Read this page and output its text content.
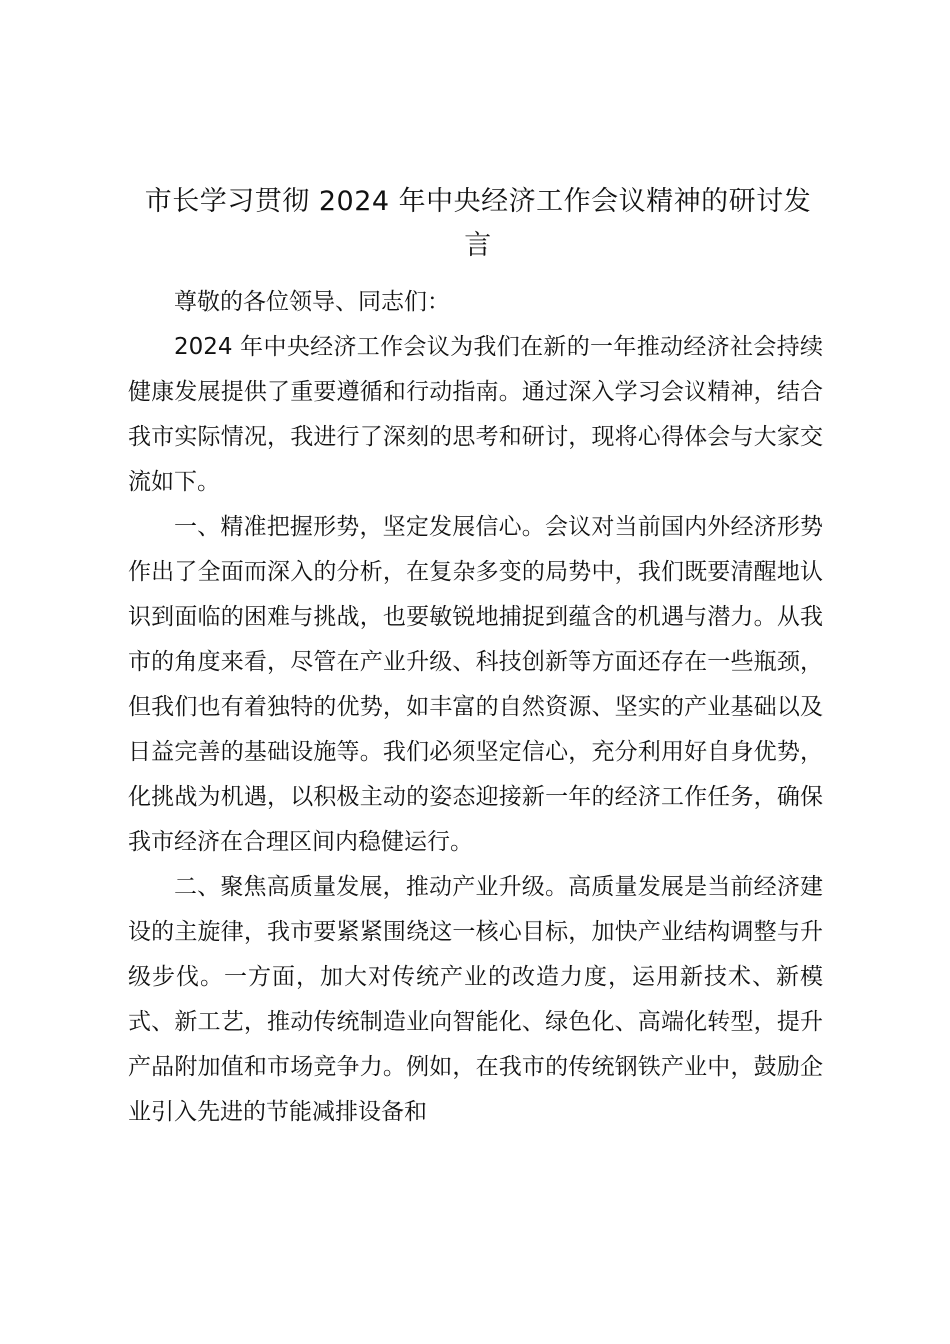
市长学习贯彻 2024 年中央经济工作会议精神的研讨发
言

尊敬的各位领导、同志们：

2024 年中央经济工作会议为我们在新的一年推动经济社会持续健康发展提供了重要遵循和行动指南。通过深入学习会议精神，结合我市实际情况，我进行了深刻的思考和研讨，现将心得体会与大家交流如下。

一、精准把握形势，坚定发展信心。会议对当前国内外经济形势作出了全面而深入的分析，在复杂多变的局势中，我们既要清醒地认识到面临的困难与挑战，也要敏锐地捕捉到蕴含的机遇与潜力。从我市的角度来看，尽管在产业升级、科技创新等方面还存在一些瓶颈，但我们也有着独特的优势，如丰富的自然资源、坚实的产业基础以及日益完善的基础设施等。我们必须坚定信心，充分利用好自身优势，化挑战为机遇，以积极主动的姿态迎接新一年的经济工作任务，确保我市经济在合理区间内稳健运行。

二、聚焦高质量发展，推动产业升级。高质量发展是当前经济建设的主旋律，我市要紧紧围绕这一核心目标，加快产业结构调整与升级步伐。一方面，加大对传统产业的改造力度，运用新技术、新模式、新工艺，推动传统制造业向智能化、绿色化、高端化转型，提升产品附加值和市场竞争力。例如，在我市的传统钢铁产业中，鼓励企业引入先进的节能减排设备和
